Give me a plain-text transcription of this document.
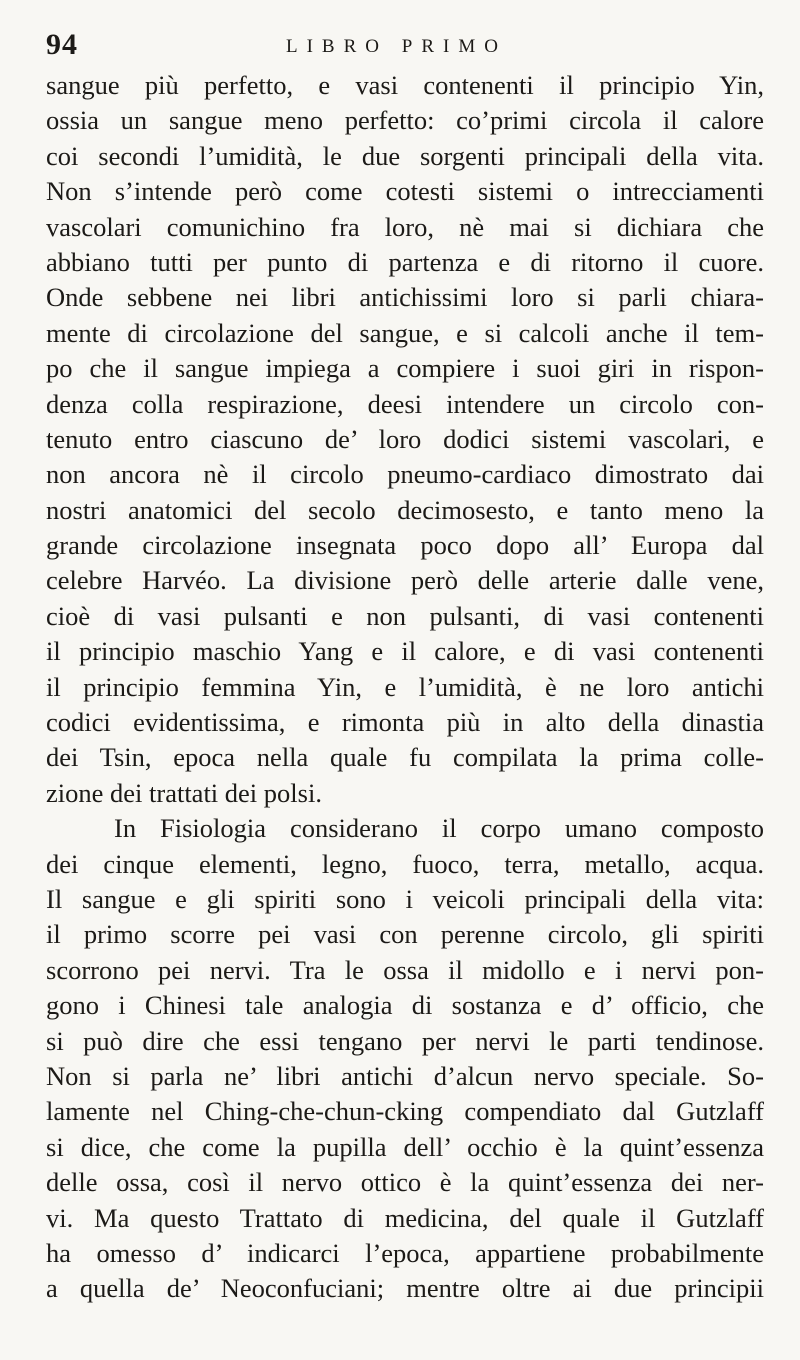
94	LIBRO PRIMO
sangue più perfetto, e vasi contenenti il principio Yin,
ossia un sangue meno perfetto: co’primi circola il calore
coi secondi l’umidità, le due sorgenti principali della vita.
Non s’intende però come cotesti sistemi o intrecciamenti
vascolari comunichino fra loro, nè mai si dichiara che
abbiano tutti per punto di partenza e di ritorno il cuore.
Onde sebbene nei libri antichissimi loro si parli chiara-
mente di circolazione del sangue, e si calcoli anche il tem-
po che il sangue impiega a compiere i suoi giri in rispon-
denza colla respirazione, deesi intendere un circolo con-
tenuto entro ciascuno de’ loro dodici sistemi vascolari, e
non ancora nè il circolo pneumo-cardiaco dimostrato dai
nostri anatomici del secolo decimosesto, e tanto meno la
grande circolazione insegnata poco dopo all’ Europa dal
celebre Harvéo. La divisione però delle arterie dalle vene,
cioè di vasi pulsanti e non pulsanti, di vasi contenenti
il principio maschio Yang e il calore, e di vasi contenenti
il principio femmina Yin, e l’umidità, è ne loro antichi
codici evidentissima, e rimonta più in alto della dinastia
dei Tsin, epoca nella quale fu compilata la prima colle-
zione dei trattati dei polsi.
In Fisiologia considerano il corpo umano composto
dei cinque elementi, legno, fuoco, terra, metallo, acqua.
Il sangue e gli spiriti sono i veicoli principali della vita:
il primo scorre pei vasi con perenne circolo, gli spiriti
scorrono pei nervi. Tra le ossa il midollo e i nervi pon-
gono i Chinesi tale analogia di sostanza e d’ officio, che
si può dire che essi tengano per nervi le parti tendinose.
Non si parla ne’ libri antichi d’alcun nervo speciale. So-
lamente nel Ching-che-chun-cking compendiato dal Gutzlaff
si dice, che come la pupilla dell’ occhio è la quint’essenza
delle ossa, così il nervo ottico è la quint’essenza dei ner-
vi. Ma questo Trattato di medicina, del quale il Gutzlaff
ha omesso d’ indicarci l’epoca, appartiene probabilmente
a quella de’ Neoconfuciani; mentre oltre ai due principii
